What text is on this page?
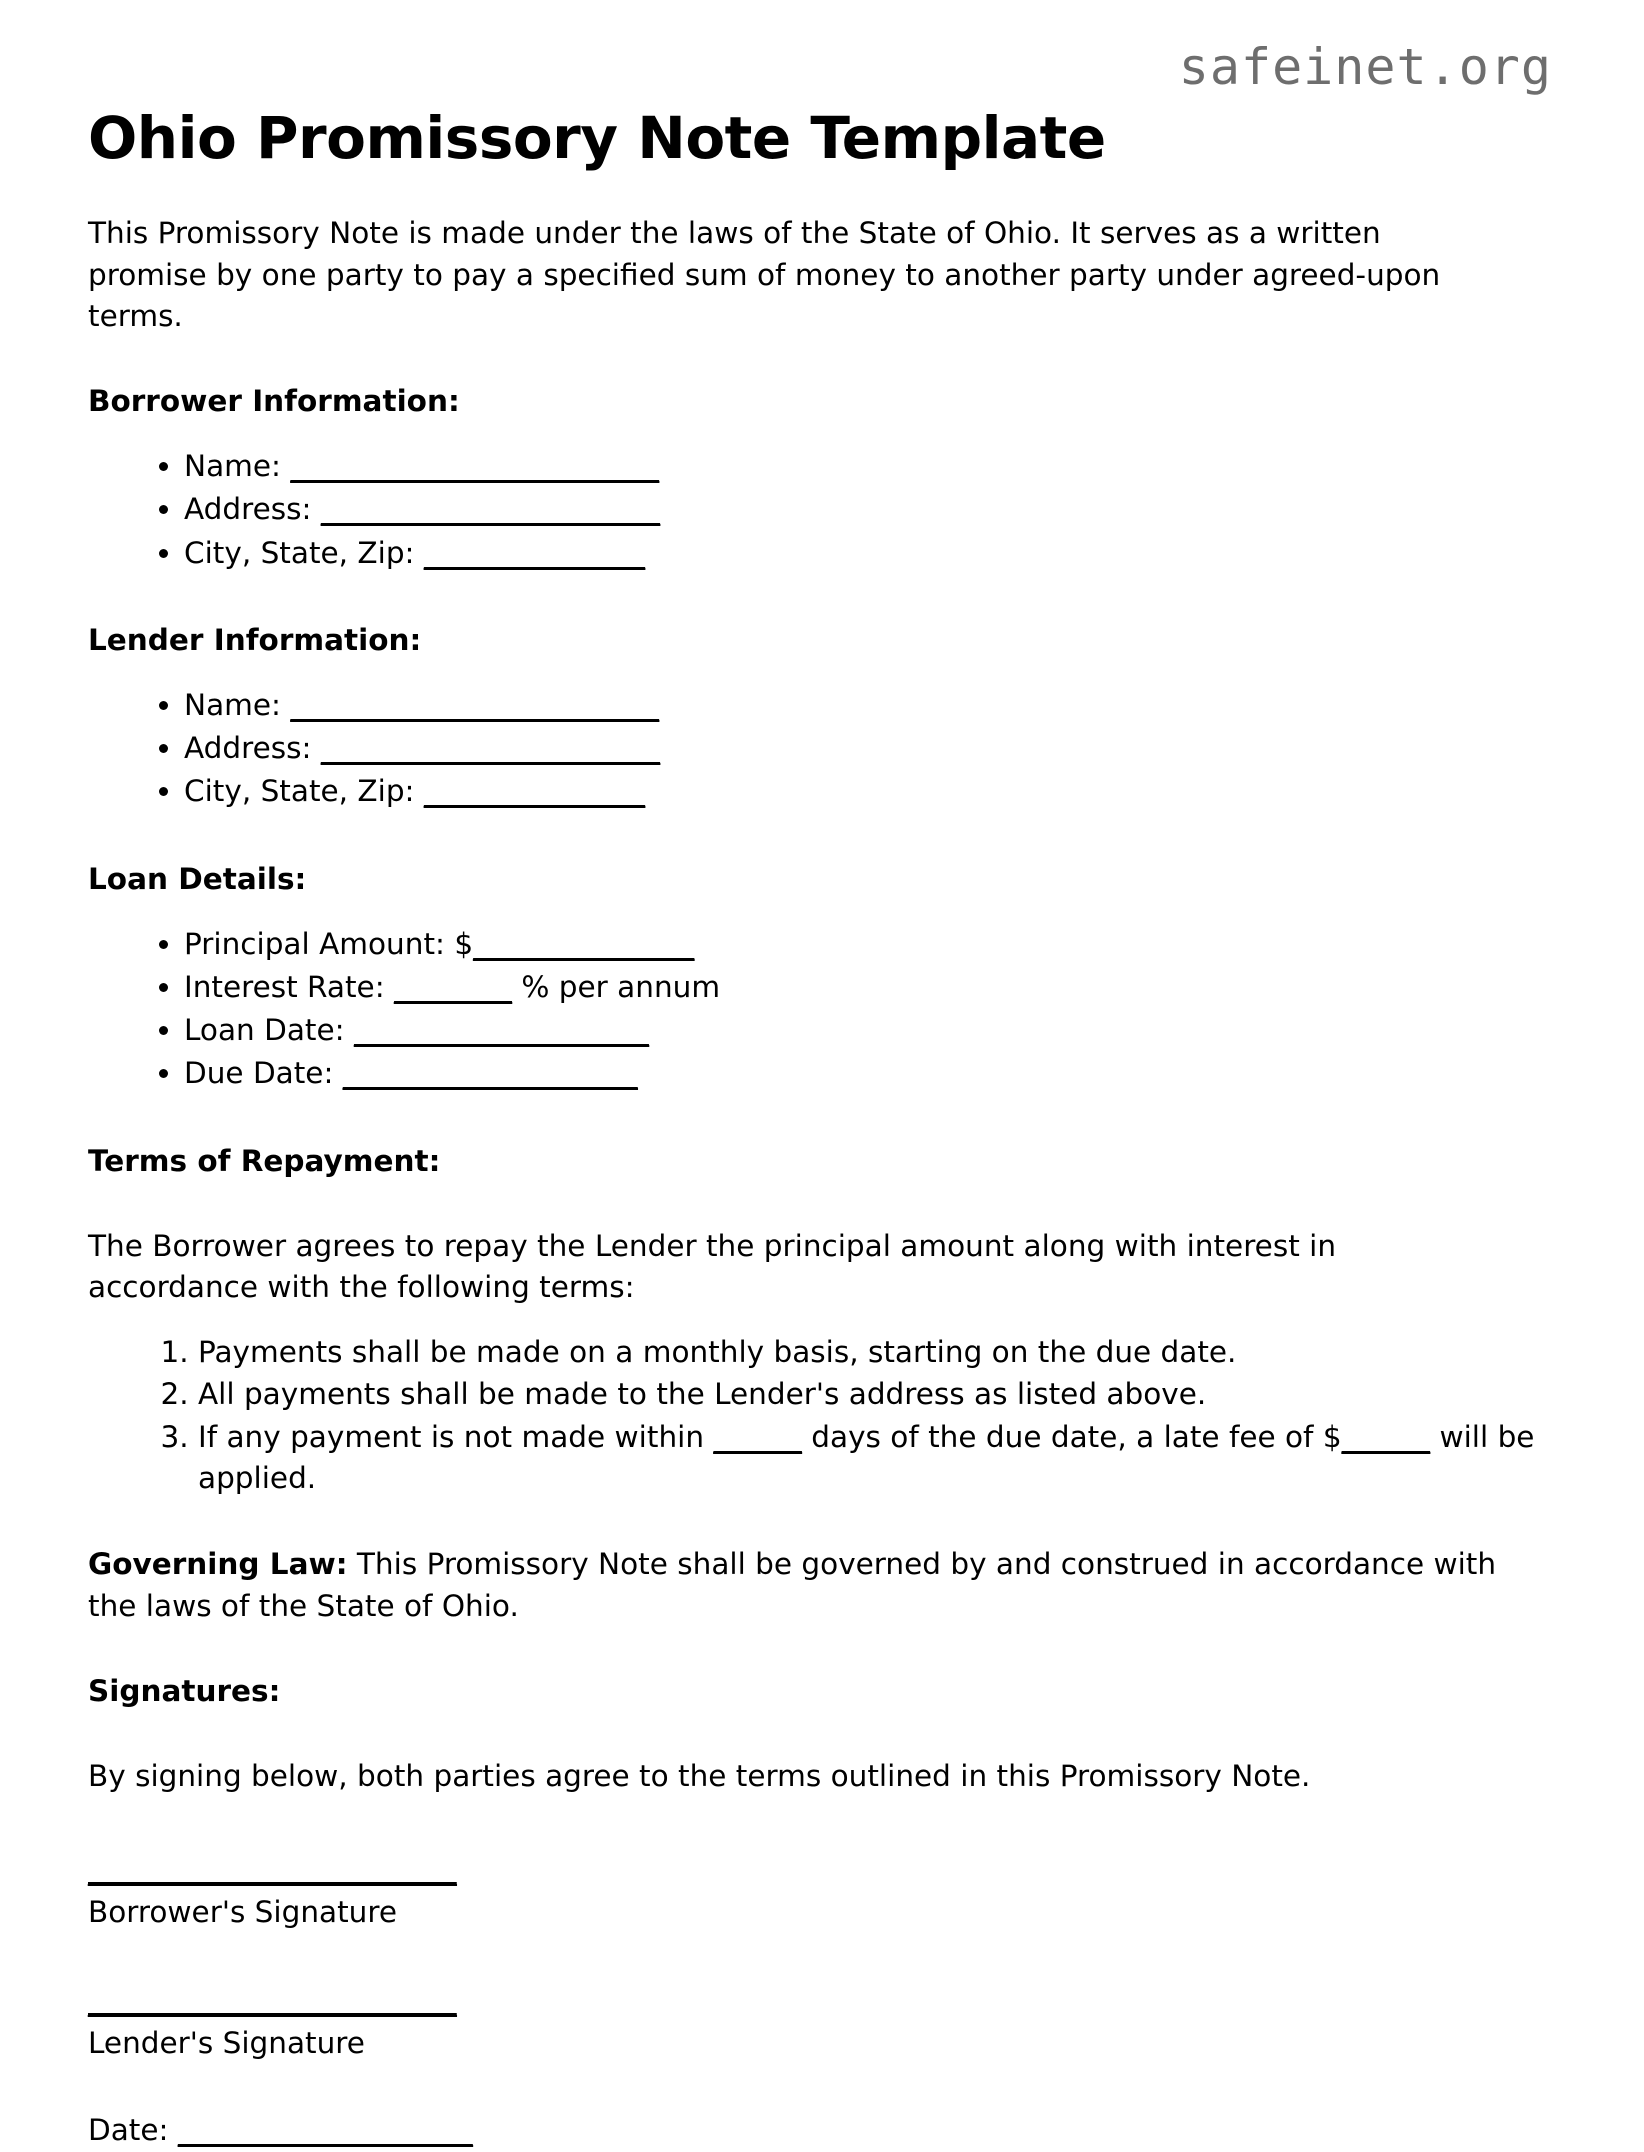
safeinet.org
Ohio Promissory Note Template

This Promissory Note is made under the laws of the State of Ohio. It serves as a written promise by one party to pay a specified sum of money to another party under agreed-upon terms.

Borrower Information:
• Name: _________________________
• Address: _______________________
• City, State, Zip: _______________
Lender Information:
• Name: _________________________
• Address: _______________________
• City, State, Zip: _______________
Loan Details:
• Principal Amount: $_______________
• Interest Rate: ________ % per annum
• Loan Date: ____________________
• Due Date: ____________________
Terms of Repayment:

The Borrower agrees to repay the Lender the principal amount along with interest in accordance with the following terms:

1. Payments shall be made on a monthly basis, starting on the due date.
2. All payments shall be made to the Lender's address as listed above.
3. If any payment is not made within ______ days of the due date, a late fee of $______ will be applied.

Governing Law: This Promissory Note shall be governed by and construed in accordance with the laws of the State of Ohio.

Signatures:

By signing below, both parties agree to the terms outlined in this Promissory Note.

_________________________
Borrower's Signature
_________________________
Lender's Signature
Date: ____________________
